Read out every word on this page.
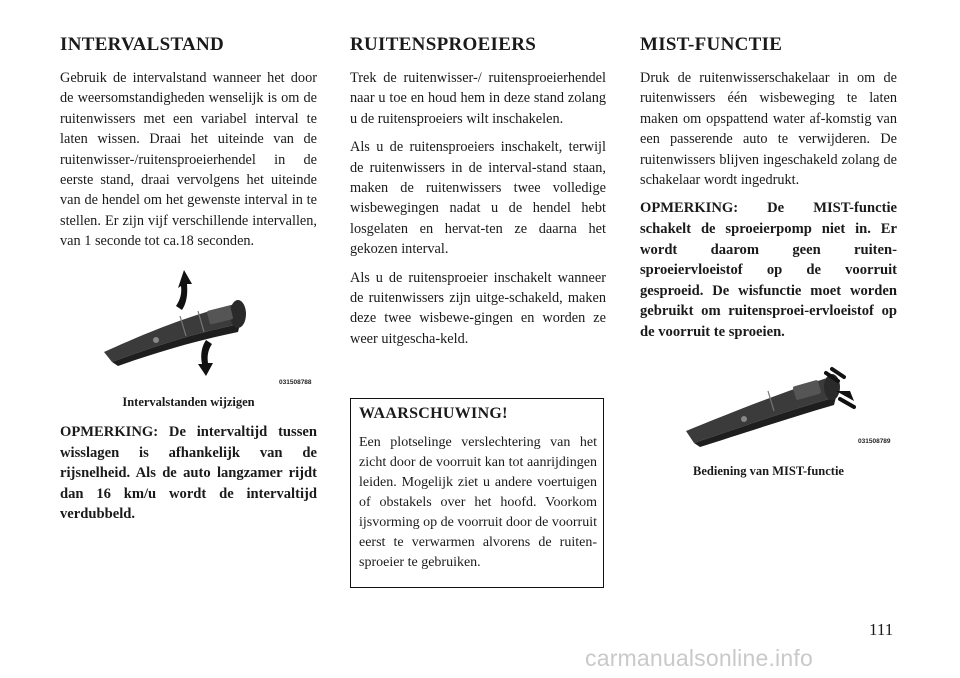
INTERVALSTAND

Gebruik de intervalstand wanneer het door de weersomstandigheden wenselijk is om de ruitenwissers met een variabel interval te laten wissen. Draai het uiteinde van de ruitenwisser-/ruitensproeierhendel in de eerste stand, draai vervolgens het uiteinde van de hendel om het gewenste interval in te stellen. Er zijn vijf verschillende intervallen, van 1 seconde tot ca.18 seconden.

031508788

Intervalstanden wijzigen

OPMERKING: De intervaltijd tussen wisslagen is afhankelijk van de rijsnelheid. Als de auto langzamer rijdt dan 16 km/u wordt de intervaltijd verdubbeld.

RUITENSPROEIERS

Trek de ruitenwisser-/ ruitensproeierhendel naar u toe en houd hem in deze stand zolang u de ruitensproeiers wilt inschakelen.

Als u de ruitensproeiers inschakelt, terwijl de ruitenwissers in de interval-stand staan, maken de ruitenwissers twee volledige wisbewegingen nadat u de hendel hebt losgelaten en hervat-ten ze daarna het gekozen interval.

Als u de ruitensproeier inschakelt wanneer de ruitenwissers zijn uitge-schakeld, maken deze twee wisbewe-gingen en worden ze weer uitgescha-keld.

WAARSCHUWING!

Een plotselinge verslechtering van het zicht door de voorruit kan tot aanrijdingen leiden. Mogelijk ziet u andere voertuigen of obstakels over het hoofd. Voorkom ijsvorming op de voorruit door de voorruit eerst te verwarmen alvorens de ruiten-sproeier te gebruiken.

MIST-FUNCTIE

Druk de ruitenwisserschakelaar in om de ruitenwissers één wisbeweging te laten maken om opspattend water af-komstig van een passerende auto te verwijderen. De ruitenwissers blijven ingeschakeld zolang de schakelaar wordt ingedrukt.

OPMERKING: De MIST-functie schakelt de sproeierpomp niet in. Er wordt daarom geen ruiten-sproeiervloeistof op de voorruit gesproeid. De wisfunctie moet worden gebruikt om ruitensproei-ervloeistof op de voorruit te sproeien.

031508789

Bediening van MIST-functie

111
carmanualsonline.info
